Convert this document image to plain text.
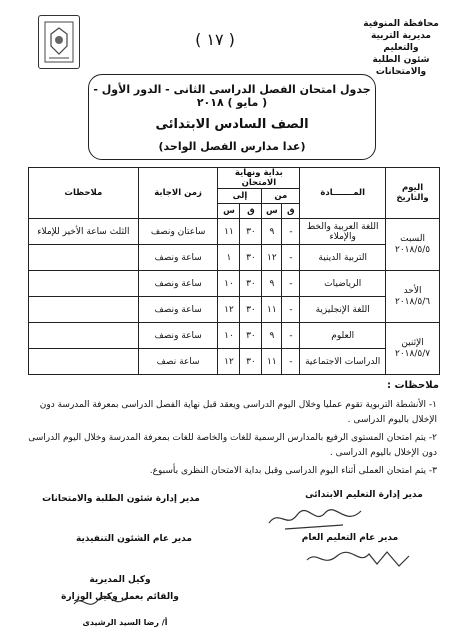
( ١٧ )
محافظة المنوفية
مديرية التربية والتعليم
شئون الطلبة والامتحانات
جدول امتحان الفصل الدراسى الثانى - الدور الأول - ( مايو ) ٢٠١٨
الصف السادس الابتدائى
(عدا مدارس الفصل الواحد)
اليوم
والتاريخ	المـــــــادة	بداية ونهاية الامتحان				زمن الاجابة	ملاحظات
		من		إلى			
		ق	س	ق	س		

السبت
٢٠١٨/٥/٥	اللغة العربية والخط والإملاء	-	٩	٣٠	١١	ساعتان ونصف	الثلث ساعة الأخير للإملاء
	التربية الدينية	-	١٢	٣٠	١	ساعة ونصف	

الأحد
٢٠١٨/٥/٦	الرياضيات	-	٩	٣٠	١٠	ساعة ونصف	
	اللغة الإنجليزية	-	١١	٣٠	١٢	ساعة ونصف	

الإثنين
٢٠١٨/٥/٧	العلوم	-	٩	٣٠	١٠	ساعة ونصف	
	الدراسات الاجتماعية	-	١١	٣٠	١٢	ساعة نصف	
ملاحظات :

١- الأنشطة التربوية تقوم عمليا وخلال اليوم الدراسى ويعقد قبل نهاية الفصل الدراسى بمعرفة المدرسة دون الإخلال باليوم الدراسى .

٢- يتم امتحان المستوى الرفيع بالمدارس الرسمية للغات والخاصة للغات بمعرفة المدرسة وخلال اليوم الدراسى دون الإخلال باليوم الدراسى .

٣- يتم امتحان العملى أثناء اليوم الدراسى وقبل بداية الامتحان النظرى بأسبوع.

مدير إدارة التعليم الابتدائى
مدير عام التعليم العام
مدير إدارة شئون الطلبة والامتحانات
مدير عام الشئون التنفيذية
وكيل المديرية
والقائم بعمل وكيل الوزارة
أ/ رضا السيد الرشيدى
